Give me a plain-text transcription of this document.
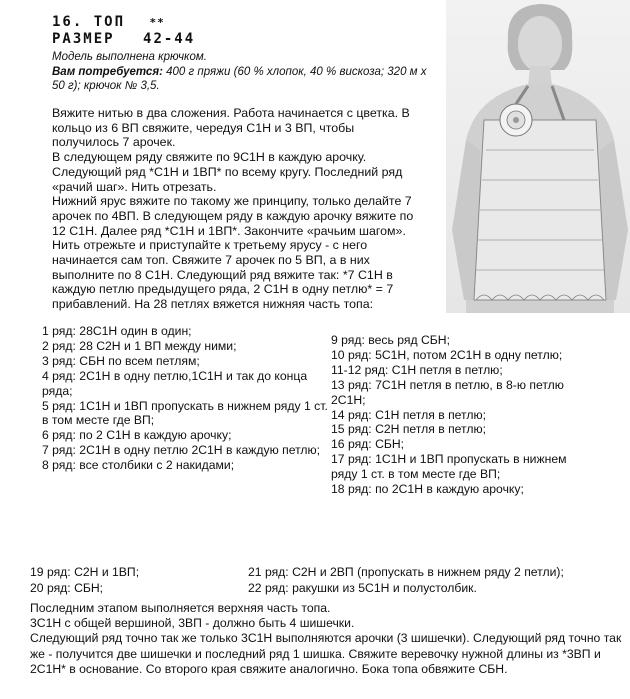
16. ТОП **
РАЗМЕР 42-44

Модель выполнена крючком.

Вам потребуется: 400 г пряжи (60 % хлопок, 40 % вискоза; 320 м х 50 г); крючок № 3,5.

Вяжите нитью в два сложения. Работа начинается с цветка. В кольцо из 6 ВП свяжите, чередуя С1Н и 3 ВП, чтобы получилось 7 арочек.

В следующем ряду свяжите по 9С1Н в каждую арочку. Следующий ряд *С1Н и 1ВП* по всему кругу. Последний ряд «рачий шаг». Нить отрезать.

Нижний ярус вяжите по такому же принципу, только делайте 7 арочек по 4ВП. В следующем ряду в каждую арочку вяжите по 12 С1Н. Далее ряд *С1Н и 1ВП*. Закончите «рачьим шагом». Нить отрежьте и приступайте к третьему ярусу - с него начинается сам топ. Свяжите 7 арочек по 5 ВП, а в них выполните по 8 С1Н. Следующий ряд вяжите так: *7 С1Н в каждую петлю предыдущего ряда, 2 С1Н в одну петлю* = 7 прибавлений. На 28 петлях вяжется нижняя часть топа:

1 ряд: 28С1Н один в один;

2 ряд: 28 С2Н и 1 ВП между ними;

3 ряд: СБН по всем петлям;

4 ряд: 2С1Н в одну петлю,1С1Н и так до конца ряда;

5 ряд: 1С1Н и 1ВП пропускать в нижнем ряду 1 ст. в том месте где ВП;

6 ряд: по 2 С1Н в каждую арочку;

7 ряд: 2С1Н в одну петлю 2С1Н в каждую петлю;

8 ряд: все столбики с 2 накидами;

9 ряд: весь ряд СБН;

10 ряд: 5С1Н, потом 2С1Н в одну петлю;

11-12 ряд: С1Н петля в петлю;

13 ряд: 7С1Н петля в петлю, в 8-ю петлю 2С1Н;

14 ряд: С1Н петля в петлю;

15 ряд: С2Н петля в петлю;

16 ряд: СБН;

17 ряд: 1С1Н и 1ВП пропускать в нижнем ряду 1 ст. в том месте где ВП;

18 ряд: по 2С1Н в каждую арочку;

19 ряд: С2Н и 1ВП;

20 ряд: СБН;

21 ряд: С2Н и 2ВП (пропускать в нижнем ряду 2 петли);

22 ряд: ракушки из 5С1Н и полустолбик.

Последним этапом выполняется верхняя часть топа.

3С1Н с общей вершиной, 3ВП - должно быть 4 шишечки.

Следующий ряд точно так же только 3С1Н выполняются арочки (3 шишечки). Следующий ряд точно так же - получится две шишечки и последний ряд 1 шишка. Свяжите веревочку нужной длины из *3ВП и 2С1Н* в основание. Со второго края свяжите аналогично. Бока топа обвяжите СБН.
